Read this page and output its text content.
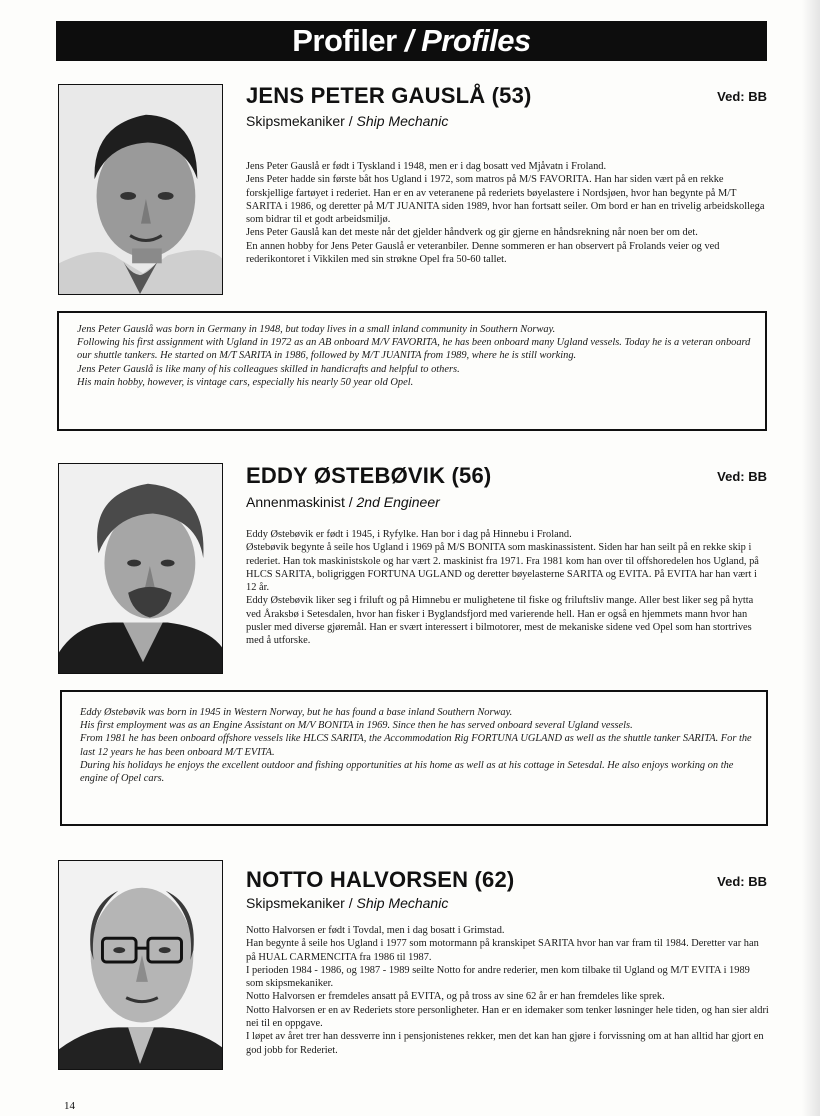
Profiler / Profiles
JENS PETER GAUSLÅ (53)	Ved: BB
Skipsmekaniker / Ship Mechanic

Jens Peter Gauslå er født i Tyskland i 1948, men er i dag bosatt ved Mjåvatn i Froland.

Jens Peter hadde sin første båt hos Ugland i 1972, som matros på M/S FAVORITA. Han har siden vært på en rekke forskjellige fartøyet i rederiet. Han er en av veteranene på rederiets bøyelastere i Nordsjøen, hvor han begynte på M/T SARITA i 1986, og deretter på M/T JUANITA siden 1989, hvor han fortsatt seiler. Om bord er han en trivelig arbeidskollega som bidrar til et godt arbeidsmiljø.

Jens Peter Gauslå kan det meste når det gjelder håndverk og gir gjerne en håndsrekning når noen ber om det.

En annen hobby for Jens Peter Gauslå er veteranbiler. Denne sommeren er han observert på Frolands veier og ved rederikontoret i Vikkilen med sin strøkne Opel fra 50-60 tallet.

Jens Peter Gauslå was born in Germany in 1948, but today lives in a small inland community in Southern Norway.

Following his first assignment with Ugland in 1972 as an AB onboard M/V FAVORITA, he has been onboard many Ugland vessels. Today he is a veteran onboard our shuttle tankers. He started on M/T SARITA in 1986, followed by M/T JUANITA from 1989, where he is still working.

Jens Peter Gauslå is like many of his colleagues skilled in handicrafts and helpful to others.

His main hobby, however, is vintage cars, especially his nearly 50 year old Opel.

EDDY ØSTEBØVIK (56)	Ved: BB
Annenmaskinist / 2nd Engineer

Eddy Østebøvik er født i 1945, i Ryfylke. Han bor i dag på Hinnebu i Froland.

Østebøvik begynte å seile hos Ugland i 1969 på M/S BONITA som maskinassistent. Siden har han seilt på en rekke skip i rederiet. Han tok maskinistskole og har vært 2. maskinist fra 1971. Fra 1981 kom han over til offshoredelen hos Ugland, på HLCS SARITA, boligriggen FORTUNA UGLAND og deretter bøyelasterne SARITA og EVITA. På EVITA har han vært i 12 år.

Eddy Østebøvik liker seg i friluft og på Himnebu er mulighetene til fiske og friluftsliv mange. Aller best liker seg på hytta ved Åraksbø i Setesdalen, hvor han fisker i Byglandsfjord med varierende hell. Han er også en hjemmets mann hvor han pusler med diverse gjøremål. Han er svært interessert i bilmotorer, mest de mekaniske sidene ved Opel som han stortrives med å utforske.

Eddy Østebøvik was born in 1945 in Western Norway, but he has found a base inland Southern Norway.

His first employment was as an Engine Assistant on M/V BONITA in 1969. Since then he has served onboard several Ugland vessels.

From 1981 he has been onboard offshore vessels like HLCS SARITA, the Accommodation Rig FORTUNA UGLAND as well as the shuttle tanker SARITA. For the last 12 years he has been onboard M/T EVITA.

During his holidays he enjoys the excellent outdoor and fishing opportunities at his home as well as at his cottage in Setesdal. He also enjoys working on the engine of Opel cars.

NOTTO HALVORSEN (62)	Ved: BB
Skipsmekaniker / Ship Mechanic

Notto Halvorsen er født i Tovdal, men i dag bosatt i Grimstad.

Han begynte å seile hos Ugland i 1977 som motormann på kranskipet SARITA hvor han var fram til 1984. Deretter var han på HUAL CARMENCITA fra 1986 til 1987.

I perioden 1984 - 1986, og 1987 - 1989 seilte Notto for andre rederier, men kom tilbake til Ugland og M/T EVITA i 1989 som skipsmekaniker.

Notto Halvorsen er fremdeles ansatt på EVITA, og på tross av sine 62 år er han fremdeles like sprek.

Notto Halvorsen er en av Rederiets store personligheter. Han er en idemaker som tenker løsninger hele tiden, og han sier aldri nei til en oppgave.

I løpet av året trer han dessverre inn i pensjonistenes rekker, men det kan han gjøre i forvissning om at han alltid har gjort en god jobb for Rederiet.

14
